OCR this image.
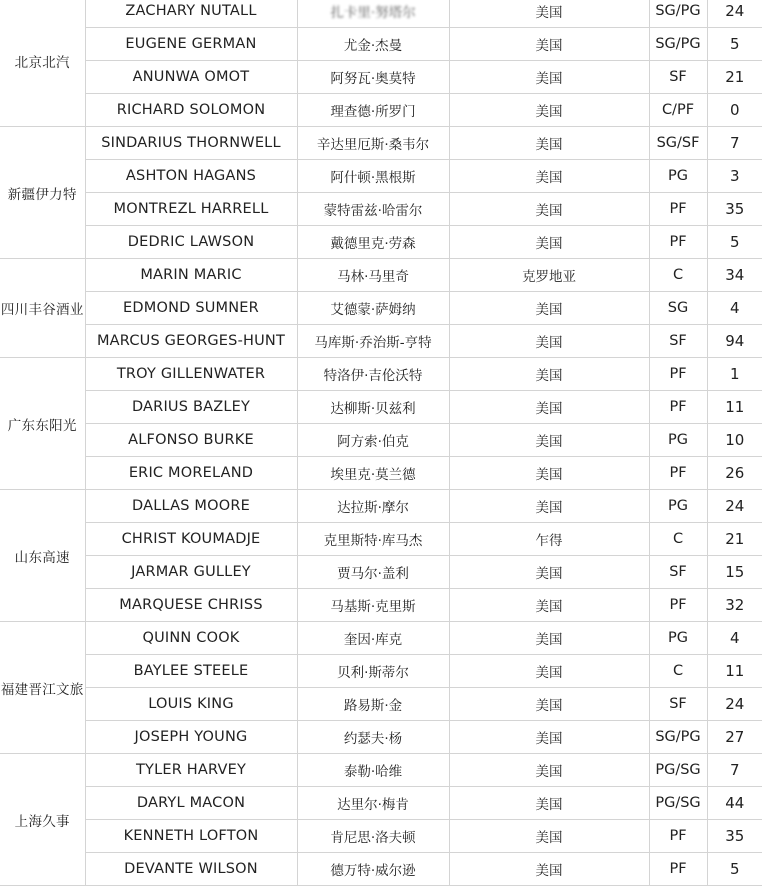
北京北汽	ZACHARY NUTALL	扎卡里·努塔尔	美国	SG/PG	24
	EUGENE GERMAN	尤金·杰曼	美国	SG/PG	5
	ANUNWA OMOT	阿努瓦·奥莫特	美国	SF	21
	RICHARD SOLOMON	理查德·所罗门	美国	C/PF	0
新疆伊力特	SINDARIUS THORNWELL	辛达里厄斯·桑韦尔	美国	SG/SF	7
	ASHTON HAGANS	阿什顿·黑根斯	美国	PG	3
	MONTREZL HARRELL	蒙特雷兹·哈雷尔	美国	PF	35
	DEDRIC LAWSON	戴德里克·劳森	美国	PF	5
四川丰谷酒业	MARIN MARIC	马林·马里奇	克罗地亚	C	34
	EDMOND SUMNER	艾德蒙·萨姆纳	美国	SG	4
	MARCUS GEORGES-HUNT	马库斯·乔治斯-亨特	美国	SF	94
广东东阳光	TROY GILLENWATER	特洛伊·吉伦沃特	美国	PF	1
	DARIUS BAZLEY	达柳斯·贝兹利	美国	PF	11
	ALFONSO BURKE	阿方索·伯克	美国	PG	10
	ERIC MORELAND	埃里克·莫兰德	美国	PF	26
山东高速	DALLAS MOORE	达拉斯·摩尔	美国	PG	24
	CHRIST KOUMADJE	克里斯特·库马杰	乍得	C	21
	JARMAR GULLEY	贾马尔·盖利	美国	SF	15
	MARQUESE CHRISS	马基斯·克里斯	美国	PF	32
福建晋江文旅	QUINN COOK	奎因·库克	美国	PG	4
	BAYLEE STEELE	贝利·斯蒂尔	美国	C	11
	LOUIS KING	路易斯·金	美国	SF	24
	JOSEPH YOUNG	约瑟夫·杨	美国	SG/PG	27
上海久事	TYLER HARVEY	泰勒·哈维	美国	PG/SG	7
	DARYL MACON	达里尔·梅肯	美国	PG/SG	44
	KENNETH LOFTON	肯尼思·洛夫顿	美国	PF	35
	DEVANTE WILSON	德万特·威尔逊	美国	PF	5
